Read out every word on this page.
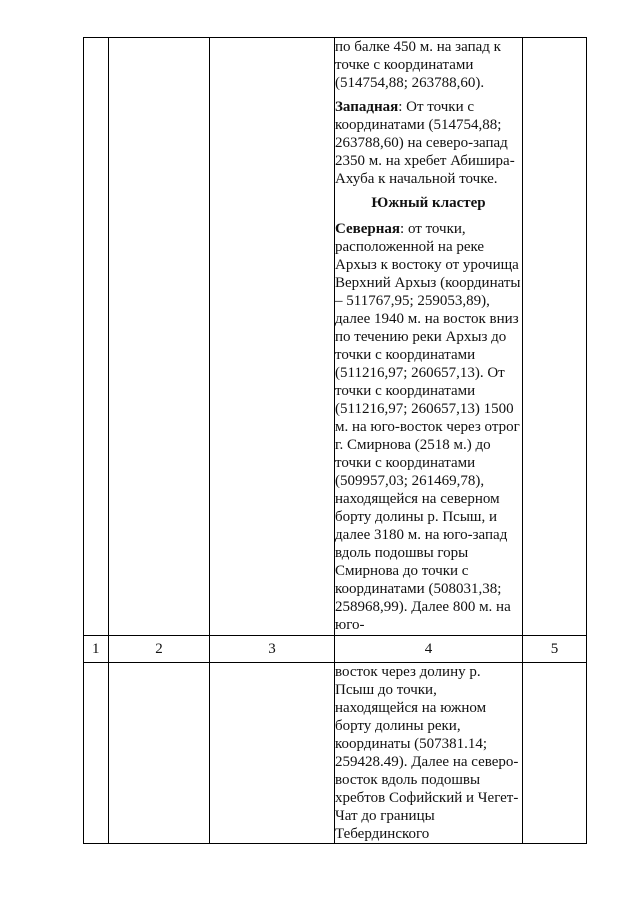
			по балке 450 м. на запад к точке с координатами (514754,88; 263788,60).

Западная: От точки с координатами (514754,88; 263788,60) на северо-запад 2350 м. на хребет Абишира-Ахуба к начальной точке.

Южный кластер

Северная: от точки, расположенной на реке Архыз к востоку от урочища Верхний Архыз (координаты – 511767,95; 259053,89), далее 1940 м. на восток вниз по течению реки Архыз до точки с координатами (511216,97; 260657,13). От точки с координатами (511216,97; 260657,13) 1500 м. на юго-восток через отрог г. Смирнова (2518 м.) до точки с координатами (509957,03; 261469,78), находящейся на северном борту долины р. Псыш, и далее 3180 м. на юго-запад вдоль подошвы горы Смирнова до точки с координатами (508031,38; 258968,99). Далее 800 м. на юго-	

1	2	3	4	5

			восток через долину р. Псыш до точки, находящейся на южном борту долины реки, координаты (507381.14; 259428.49). Далее на северо-восток вдоль подошвы хребтов Софийский и Чегет-Чат до границы Тебердинского	
